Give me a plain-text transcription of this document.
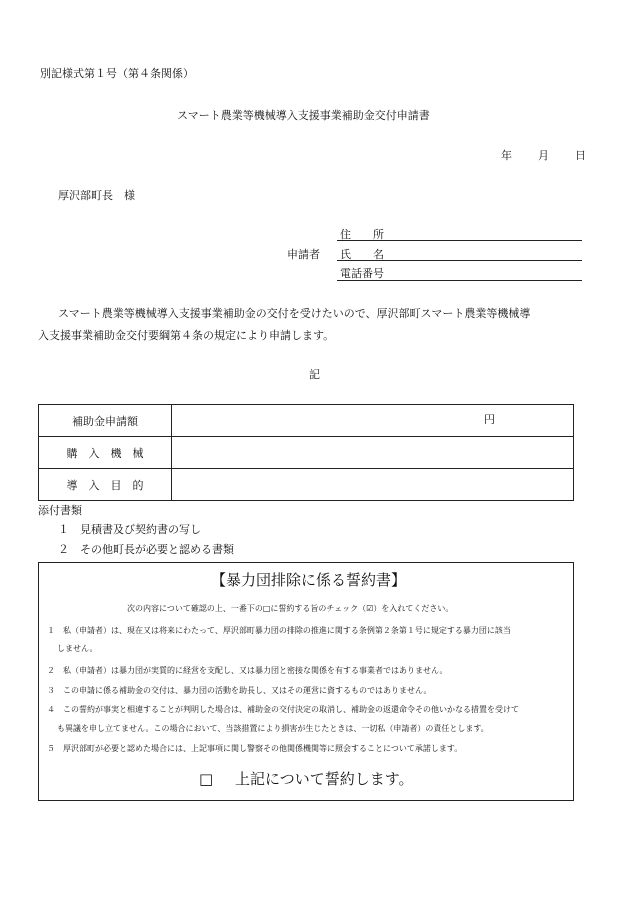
別記様式第１号（第４条関係）
スマート農業等機械導入支援事業補助金交付申請書
年 月 日
厚沢部町長　様
住　　所
申請者 氏　　名
電話番号
スマート農業等機械導入支援事業補助金の交付を受けたいので、厚沢部町スマート農業等機械導
入支援事業補助金交付要綱第４条の規定により申請します。
記
補助金申請額	円

購　入　機　械	
導　入　目　的	
添付書類
１　見積書及び契約書の写し
２　その他町長が必要と認める書類
【暴力団排除に係る誓約書】
次の内容について確認の上、一番下の□に誓約する旨のチェック（☑）を入れてください。
１　私（申請者）は、現在又は将来にわたって、厚沢部町暴力団の排除の推進に関する条例第２条第１号に規定する暴力団に該当
しません。
２　私（申請者）は暴力団が実質的に経営を支配し、又は暴力団と密接な関係を有する事業者ではありません。
３　この申請に係る補助金の交付は、暴力団の活動を助長し、又はその運営に資するものではありません。
４　この誓約が事実と相違することが判明した場合は、補助金の交付決定の取消し、補助金の返還命令その他いかなる措置を受けて
も異議を申し立てません。この場合において、当該措置により損害が生じたときは、一切私（申請者）の責任とします。
５　厚沢部町が必要と認めた場合には、上記事項に関し警察その他関係機関等に照会することについて承諾します。
□ 上記について誓約します。
